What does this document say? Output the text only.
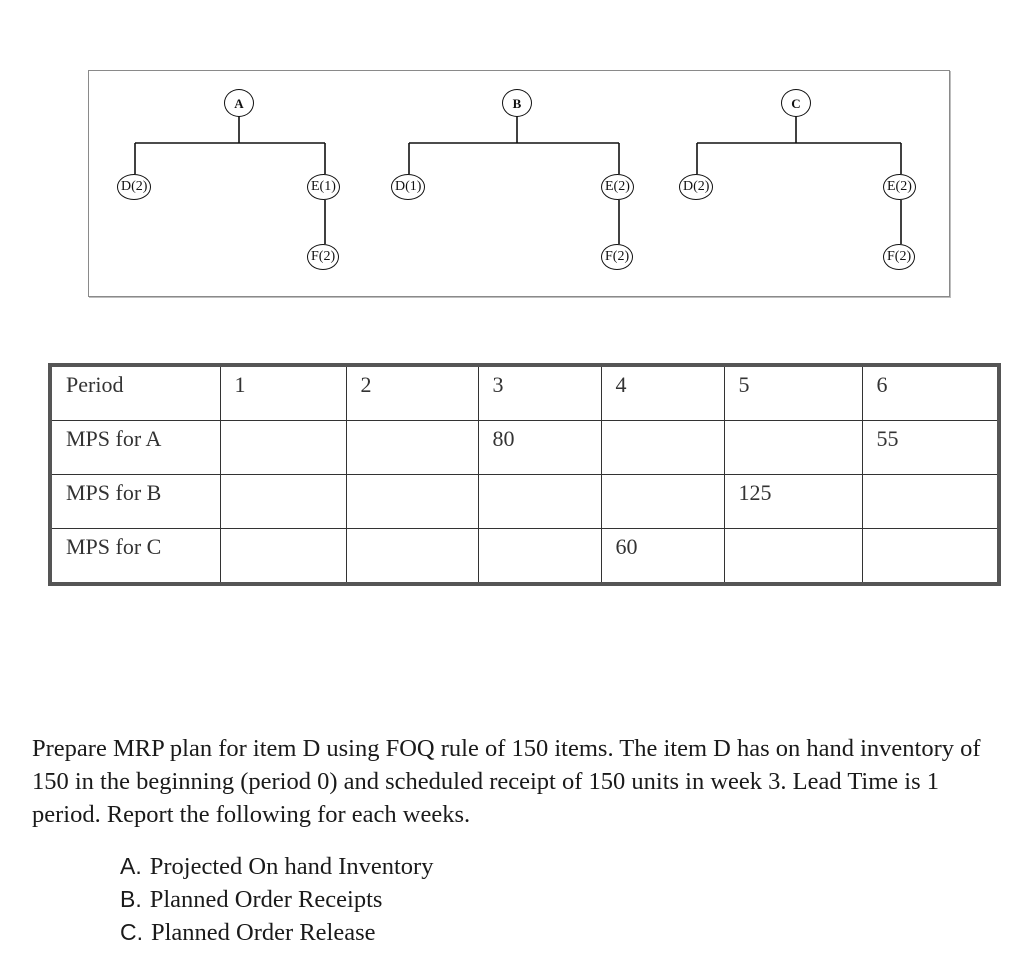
A
D(2)	E(1)
F(2)
B
D(1)	E(2)
F(2)
C
D(2)	E(2)
F(2)
Period	1	2	3	4	5	6
MPS for A			80			55
MPS for B					125	
MPS for C				60		

Prepare MRP plan for item D using FOQ rule of 150 items. The item D has on hand inventory of 150 in the beginning (period 0) and scheduled receipt of 150 units in week 3. Lead Time is 1 period. Report the following for each weeks.

A. Projected On hand Inventory
B. Planned Order Receipts
C. Planned Order Release
